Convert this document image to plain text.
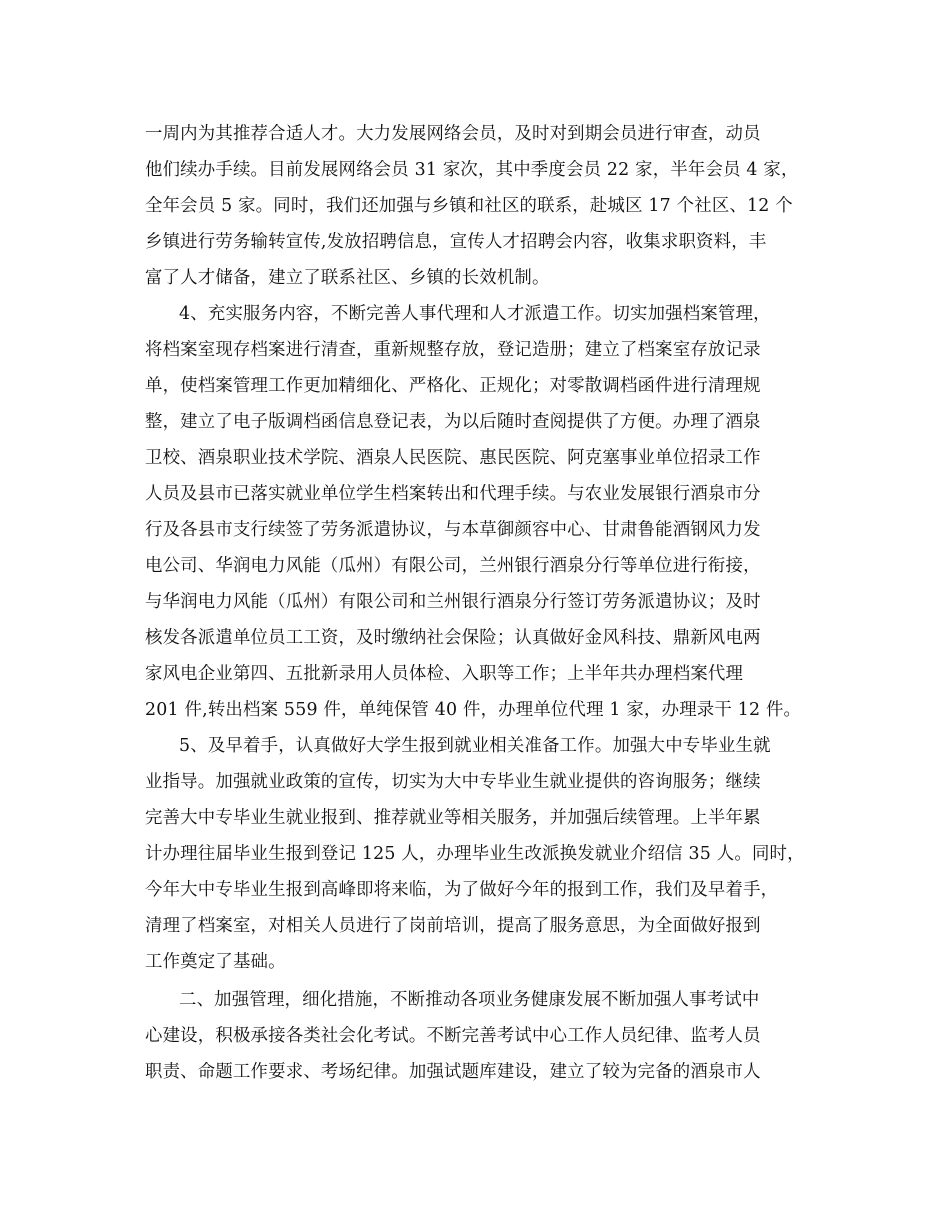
一周内为其推荐合适人才。大力发展网络会员，及时对到期会员进行审查，动员

他们续办手续。目前发展网络会员 31 家次，其中季度会员 22 家，半年会员 4 家，

全年会员 5 家。同时，我们还加强与乡镇和社区的联系，赴城区 17 个社区、12 个

乡镇进行劳务输转宣传,发放招聘信息，宣传人才招聘会内容，收集求职资料，丰

富了人才储备，建立了联系社区、乡镇的长效机制。

4、充实服务内容，不断完善人事代理和人才派遣工作。切实加强档案管理，

将档案室现存档案进行清查，重新规整存放，登记造册；建立了档案室存放记录

单，使档案管理工作更加精细化、严格化、正规化；对零散调档函件进行清理规

整，建立了电子版调档函信息登记表，为以后随时查阅提供了方便。办理了酒泉

卫校、酒泉职业技术学院、酒泉人民医院、惠民医院、阿克塞事业单位招录工作

人员及县市已落实就业单位学生档案转出和代理手续。与农业发展银行酒泉市分

行及各县市支行续签了劳务派遣协议，与本草御颜容中心、甘肃鲁能酒钢风力发

电公司、华润电力风能（瓜州）有限公司，兰州银行酒泉分行等单位进行衔接，

与华润电力风能（瓜州）有限公司和兰州银行酒泉分行签订劳务派遣协议；及时

核发各派遣单位员工工资，及时缴纳社会保险；认真做好金风科技、鼎新风电两

家风电企业第四、五批新录用人员体检、入职等工作；上半年共办理档案代理

201 件,转出档案 559 件，单纯保管 40 件，办理单位代理 1 家，办理录干 12 件。

5、及早着手，认真做好大学生报到就业相关准备工作。加强大中专毕业生就

业指导。加强就业政策的宣传，切实为大中专毕业生就业提供的咨询服务；继续

完善大中专毕业生就业报到、推荐就业等相关服务，并加强后续管理。上半年累

计办理往届毕业生报到登记 125 人，办理毕业生改派换发就业介绍信 35 人。同时，

今年大中专毕业生报到高峰即将来临，为了做好今年的报到工作，我们及早着手，

清理了档案室，对相关人员进行了岗前培训，提高了服务意思，为全面做好报到

工作奠定了基础。

二、加强管理，细化措施，不断推动各项业务健康发展不断加强人事考试中

心建设，积极承接各类社会化考试。不断完善考试中心工作人员纪律、监考人员

职责、命题工作要求、考场纪律。加强试题库建设，建立了较为完备的酒泉市人
